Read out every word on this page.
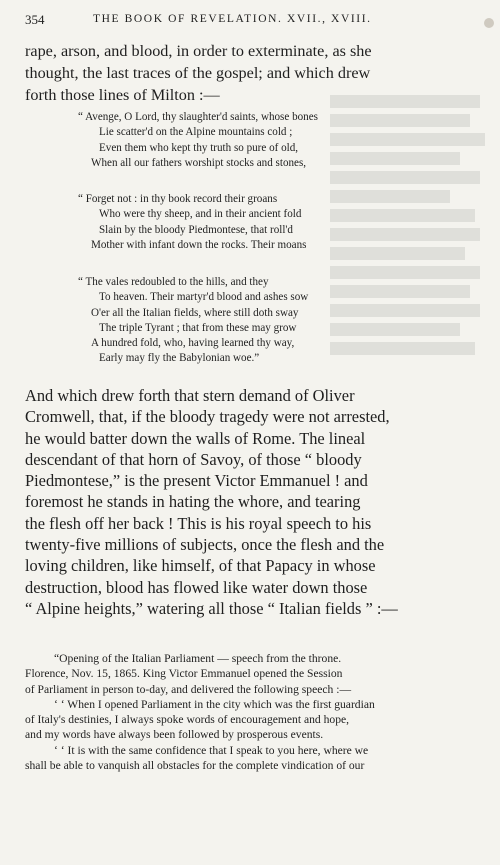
354	THE BOOK OF REVELATION. XVII., XVIII.
rape, arson, and blood, in order to exterminate, as she
thought, the last traces of the gospel; and which drew
forth those lines of Milton :—
“ Avenge, O Lord, thy slaughter'd saints, whose bones
Lie scatter'd on the Alpine mountains cold ;
Even them who kept thy truth so pure of old,
When all our fathers worshipt stocks and stones,
“ Forget not : in thy book record their groans
Who were thy sheep, and in their ancient fold
Slain by the bloody Piedmontese, that roll'd
Mother with infant down the rocks. Their moans
“ The vales redoubled to the hills, and they
To heaven. Their martyr'd blood and ashes sow
O'er all the Italian fields, where still doth sway
The triple Tyrant ; that from these may grow
A hundred fold, who, having learned thy way,
Early may fly the Babylonian woe.”
And which drew forth that stern demand of Oliver
Cromwell, that, if the bloody tragedy were not arrested,
he would batter down the walls of Rome. The lineal
descendant of that horn of Savoy, of those “ bloody
Piedmontese,” is the present Victor Emmanuel ! and
foremost he stands in hating the whore, and tearing
the flesh off her back ! This is his royal speech to his
twenty-five millions of subjects, once the flesh and the
loving children, like himself, of that Papacy in whose
destruction, blood has flowed like water down those
“ Alpine heights,” watering all those “ Italian fields ” :—
“Opening of the Italian Parliament — speech from the throne.
Florence, Nov. 15, 1865. King Victor Emmanuel opened the Session
of Parliament in person to-day, and delivered the following speech :—
‘ ‘ When I opened Parliament in the city which was the first guardian
of Italy's destinies, I always spoke words of encouragement and hope,
and my words have always been followed by prosperous events.
‘ ‘ It is with the same confidence that I speak to you here, where we
shall be able to vanquish all obstacles for the complete vindication of our
